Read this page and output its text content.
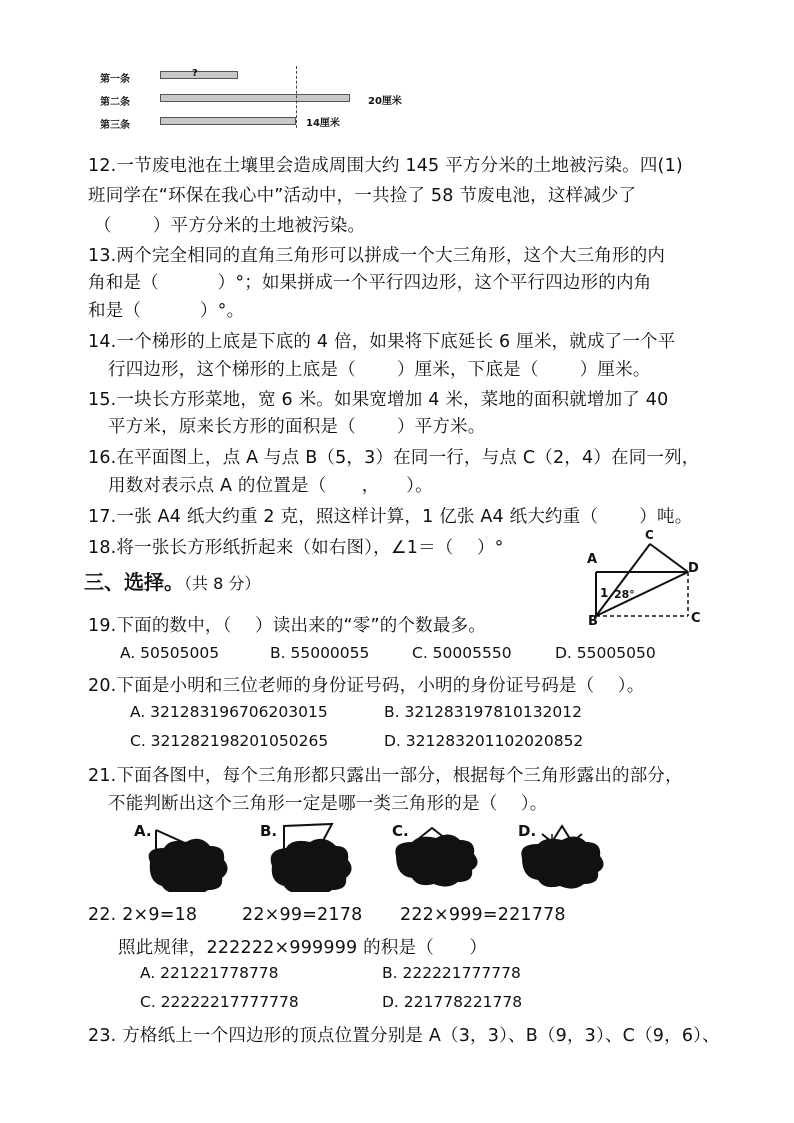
第一条
?
第二条	20厘米
第三条	14厘米
12.一节废电池在土壤里会造成周围大约 145 平方分米的土地被污染。四(1)
班同学在“环保在我心中”活动中，一共捡了 58 节废电池，这样减少了
（　　 ）平方分米的土地被污染。
13.两个完全相同的直角三角形可以拼成一个大三角形，这个大三角形的内
角和是（　　　 ）°；如果拼成一个平行四边形，这个平行四边形的内角
和是（　　　 ）°。
14.一个梯形的上底是下底的 4 倍，如果将下底延长 6 厘米，就成了一个平
行四边形，这个梯形的上底是（　　 ）厘米，下底是（　　 ）厘米。
15.一块长方形菜地，宽 6 米。如果宽增加 4 米，菜地的面积就增加了 40
平方米，原来长方形的面积是（　　 ）平方米。
16.在平面图上，点 A 与点 B（5，3）在同一行，与点 C（2，4）在同一列，
用数对表示点 A 的位置是（　　，　　）。
17.一张 A4 纸大约重 2 克，照这样计算，1 亿张 A4 纸大约重（　　 ）吨。
18.将一张长方形纸折起来（如右图），∠1＝（　 ）°
A
B
C
D
C
1 28°
三、选择。（共 8 分）
19.下面的数中，（　 ）读出来的“零”的个数最多。
A. 50505005	B. 55000055	C. 50005550	D. 55005050
20.下面是小明和三位老师的身份证号码，小明的身份证号码是（　 ）。
A. 321283196706203015	B. 321283197810132012
C. 321282198201050265	D. 321283201102020852
21.下面各图中，每个三角形都只露出一部分，根据每个三角形露出的部分，
不能判断出这个三角形一定是哪一类三角形的是（　 ）。
A.	B.	C.	D.
22. 2×9=18	22×99=2178 222×999=221778
照此规律，222222×999999 的积是（　　）
A. 221221778778	B. 222221777778
C. 22222217777778	D. 221778221778
23. 方格纸上一个四边形的顶点位置分别是 A（3，3）、B（9，3）、C（9，6）、
